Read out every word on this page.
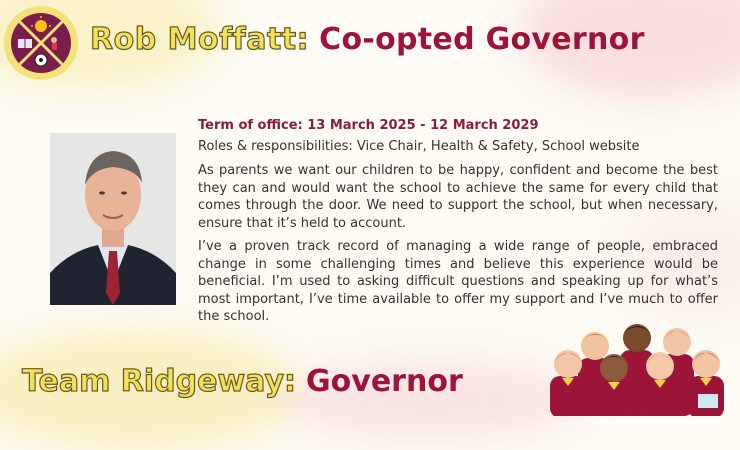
Rob Moffatt: Co-opted Governor

Term of office: 13 March 2025 - 12 March 2029

Roles & responsibilities: Vice Chair, Health & Safety, School website

As parents we want our children to be happy, confident and become the best they can and would want the school to achieve the same for every child that comes through the door. We need to support the school, but when necessary, ensure that it’s held to account.

I’ve a proven track record of managing a wide range of people, embraced change in some challenging times and believe this experience would be beneficial. I’m used to asking difficult questions and speaking up for what’s most important, I’ve time available to offer my support and I’ve much to offer the school.

Team Ridgeway: Governor
